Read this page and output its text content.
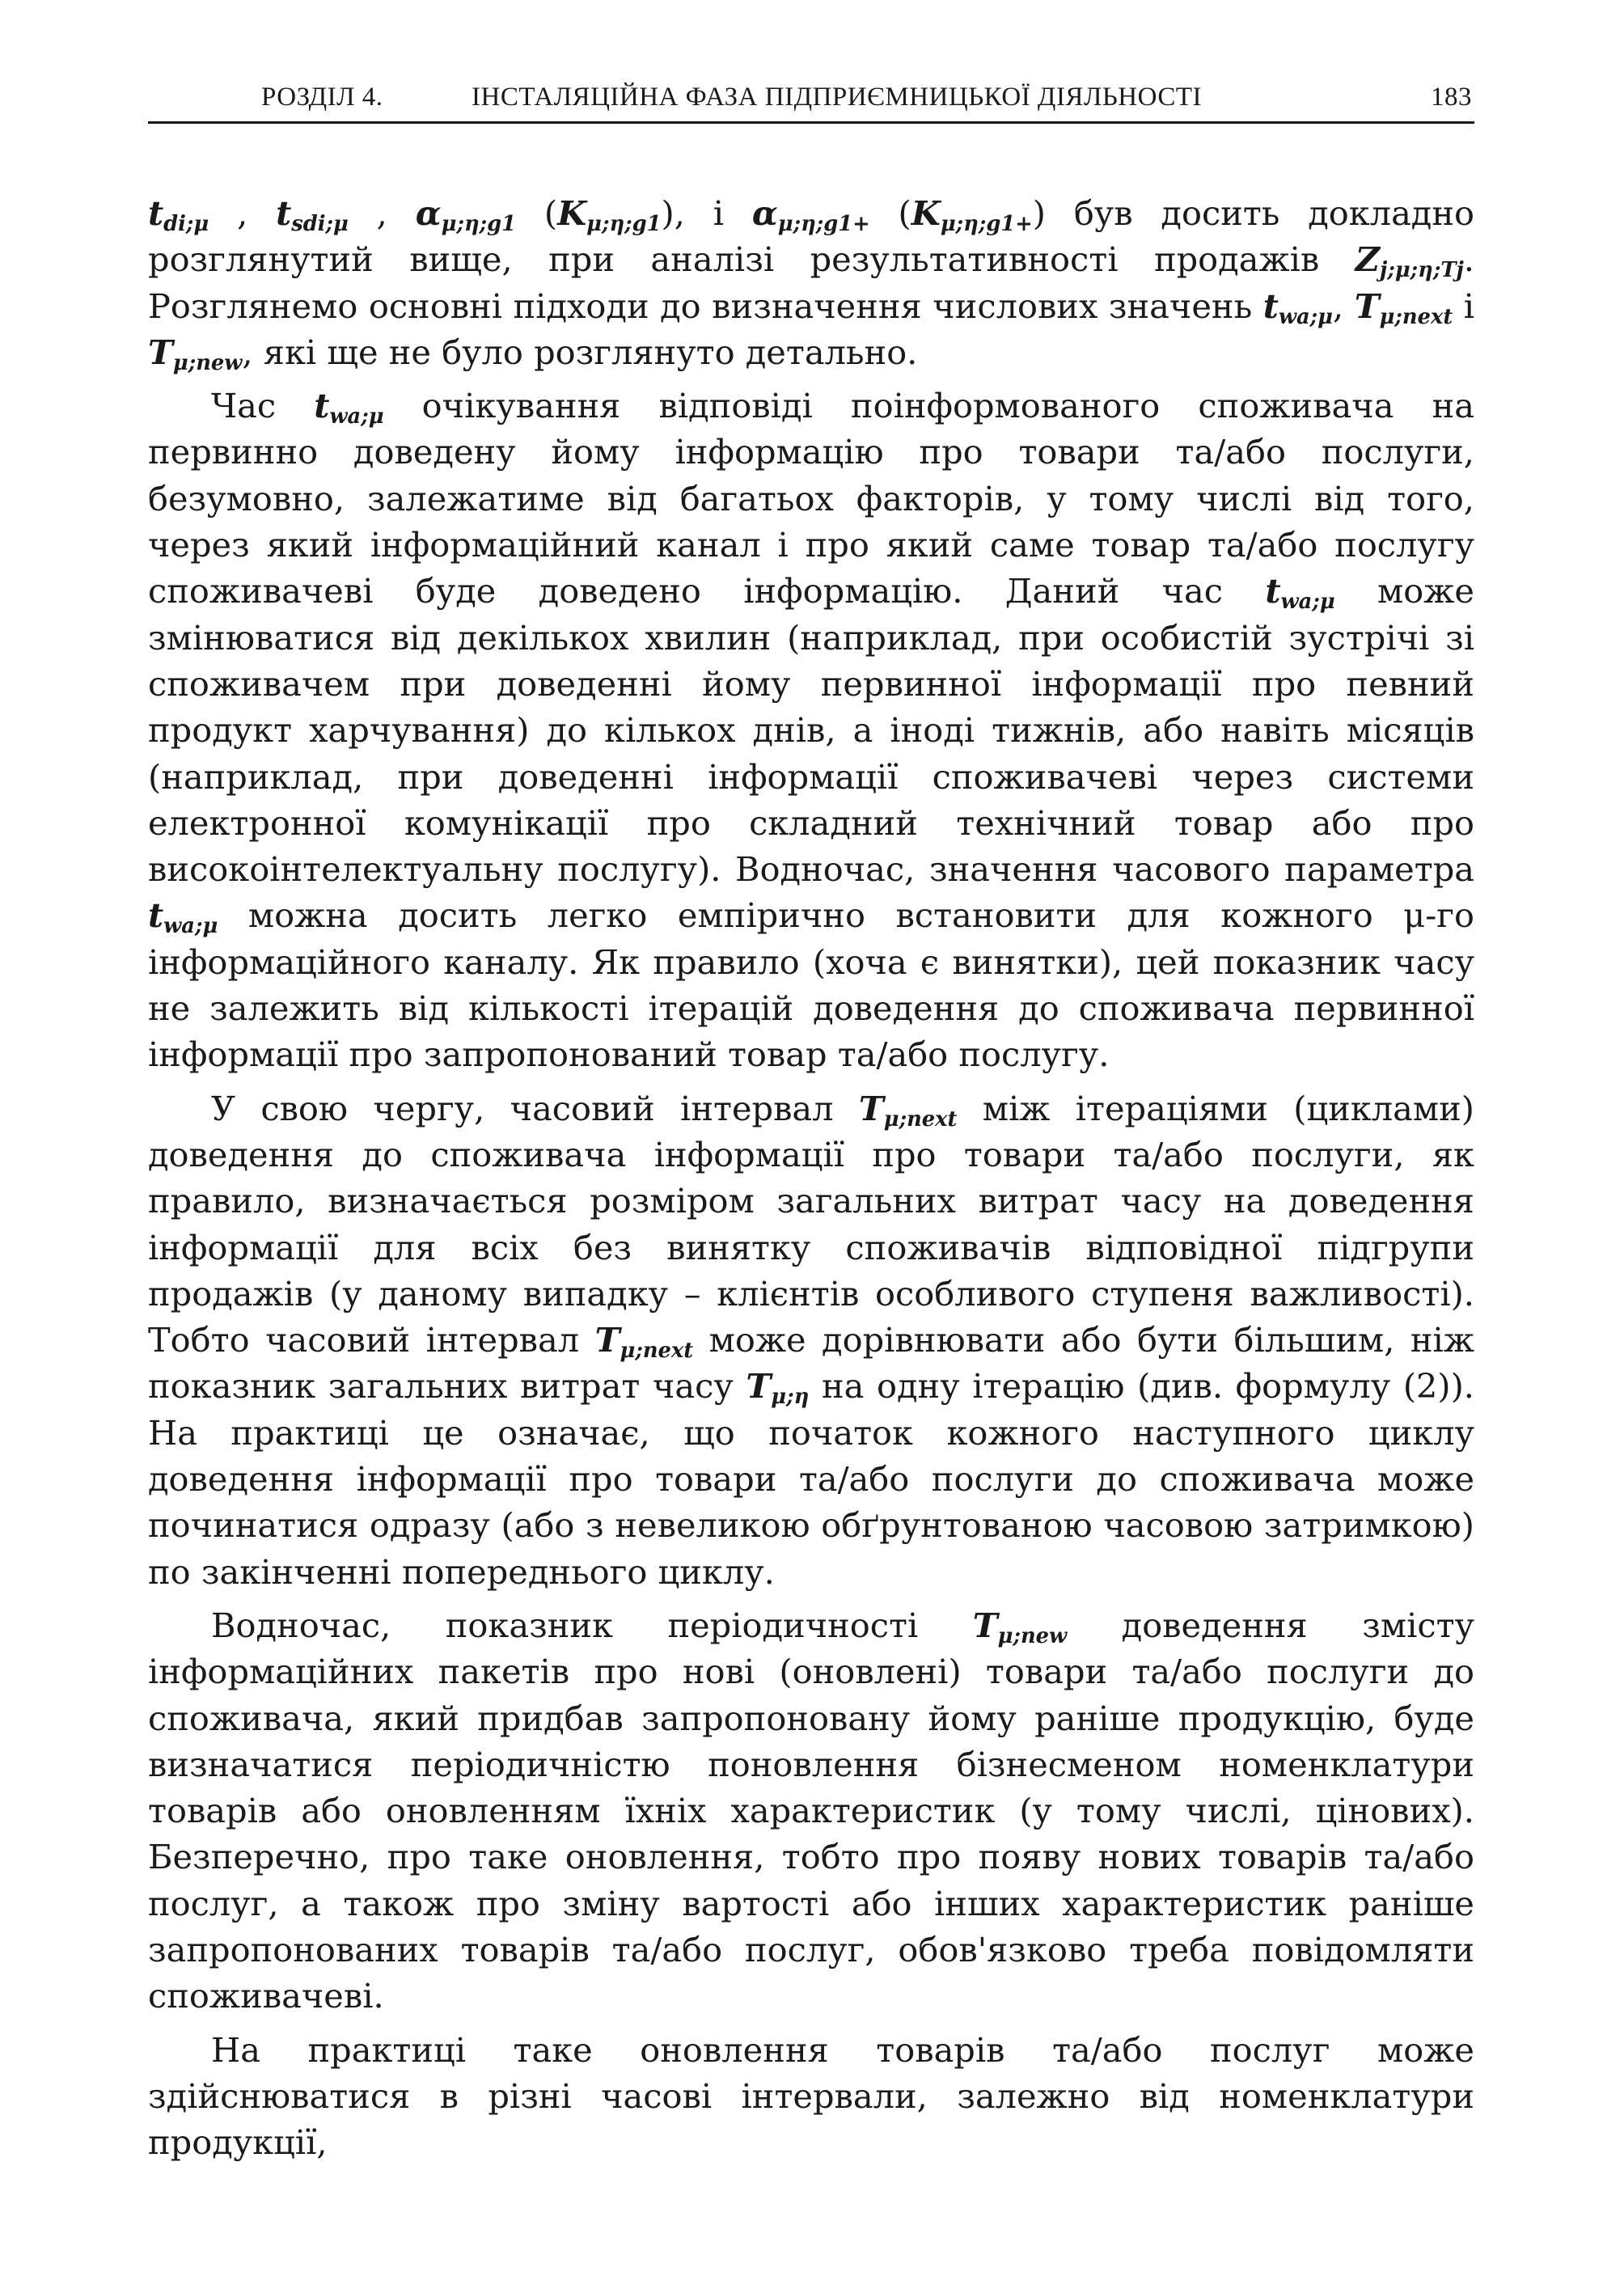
РОЗДІЛ 4.	ІНСТАЛЯЦІЙНА ФАЗА ПІДПРИЄМНИЦЬКОЇ ДІЯЛЬНОСТІ	183

$t_{di;\mu}$ , $t_{sdi;\mu}$ , $\alpha_{\mu;\eta;g1}$ $(K_{\mu;\eta;g1})$, і $\alpha_{\mu;\eta;g1+}$ $(K_{\mu;\eta;g1+})$ був досить докладно розглянутий вище, при аналізі результативності продажів $Z_{j;\mu;\eta;Tj}$. Розглянемо основні підходи до визначення числових значень $t_{wa;\mu}$, $T_{\mu;next}$ і $T_{\mu;new}$, які ще не було розглянуто детально.

Час $t_{wa;\mu}$ очікування відповіді поінформованого споживача на первинно доведену йому інформацію про товари та/або послуги, безумовно, залежатиме від багатьох факторів, у тому числі від того, через який інформаційний канал і про який саме товар та/або послугу споживачеві буде доведено інформацію. Даний час $t_{wa;\mu}$ може змінюватися від декількох хвилин (наприклад, при особистій зустрічі зі споживачем при доведенні йому первинної інформації про певний продукт харчування) до кількох днів, а іноді тижнів, або навіть місяців (наприклад, при доведенні інформації споживачеві через системи електронної комунікації про складний технічний товар або про високоінтелектуальну послугу). Водночас, значення часового параметра $t_{wa;\mu}$ можна досить легко емпірично встановити для кожного μ-го інформаційного каналу. Як правило (хоча є винятки), цей показник часу не залежить від кількості ітерацій доведення до споживача первинної інформації про запропонований товар та/або послугу.

У свою чергу, часовий інтервал $T_{\mu;next}$ між ітераціями (циклами) доведення до споживача інформації про товари та/або послуги, як правило, визначається розміром загальних витрат часу на доведення інформації для всіх без винятку споживачів відповідної підгрупи продажів (у даному випадку – клієнтів особливого ступеня важливості). Тобто часовий інтервал $T_{\mu;next}$ може дорівнювати або бути більшим, ніж показник загальних витрат часу $T_{\mu;\eta}$ на одну ітерацію (див. формулу (2)). На практиці це означає, що початок кожного наступного циклу доведення інформації про товари та/або послуги до споживача може починатися одразу (або з невеликою обґрунтованою часовою затримкою) по закінченні попереднього циклу.

Водночас, показник періодичності $T_{\mu;new}$ доведення змісту інформаційних пакетів про нові (оновлені) товари та/або послуги до споживача, який придбав запропоновану йому раніше продукцію, буде визначатися періодичністю поновлення бізнесменом номенклатури товарів або оновленням їхніх характеристик (у тому числі, цінових). Безперечно, про таке оновлення, тобто про появу нових товарів та/або послуг, а також про зміну вартості або інших характеристик раніше запропонованих товарів та/або послуг, обов'язково треба повідомляти споживачеві.

На практиці таке оновлення товарів та/або послуг може здійснюватися в різні часові інтервали, залежно від номенклатури продукції,
